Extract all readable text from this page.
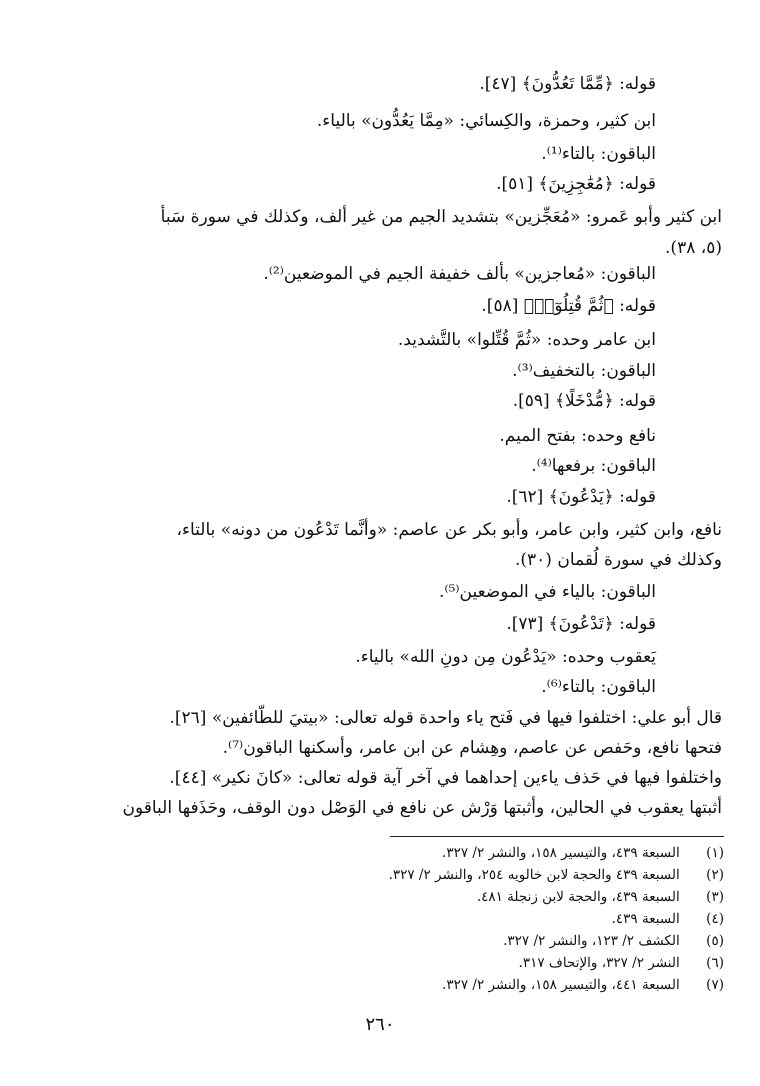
قوله: ﴿مِّمَّا تَعُدُّونَ﴾ [٤٧].
ابن كثير، وحمزة، والكِسائي: «مِمَّا يَعُدُّون» بالياء.
الباقون: بالتاء⁽¹⁾.
قوله: ﴿مُعَٰجِزِينَ﴾ [٥١].
ابن كثير وأبو عَمرو: «مُعَجِّزين» بتشديد الجيم من غير ألف، وكذلك في سورة سَبأ
(٥، ٣٨).
الباقون: «مُعاجزين» بألف خفيفة الجيم في الموضعين⁽²⁾.
قوله: ﴿ثُمَّ قُتِلُوٓا۟﴾ [٥٨].
ابن عامر وحده: «ثُمَّ قُتِّلوا» بالتَّشديد.
الباقون: بالتخفيف⁽³⁾.
قوله: ﴿مُّدْخَلًا﴾ [٥٩].
نافع وحده: بفتح الميم.
الباقون: برفعها⁽⁴⁾.
قوله: ﴿يَدْعُونَ﴾ [٦٢].
نافع، وابن كثير، وابن عامر، وأبو بكر عن عاصم: «وأنَّما تَدْعُون من دونه» بالتاء،
وكذلك في سورة لُقمان (٣٠).
الباقون: بالياء في الموضعين⁽⁵⁾.
قوله: ﴿تَدْعُونَ﴾ [٧٣].
يَعقوب وحده: «يَدْعُون مِن دونِ الله» بالياء.
الباقون: بالتاء⁽⁶⁾.
قال أبو علي: اختلفوا فيها في فَتح ياء واحدة قوله تعالى: «بيتيَ للطّائفين» [٢٦].
فتحها نافع، وحَفص عن عاصم، وهِشام عن ابن عامر، وأسكنها الباقون⁽⁷⁾.
واختلفوا فيها في حَذف ياءين إحداهما في آخر آية قوله تعالى: «كانَ نكير» [٤٤].
أثبتها يعقوب في الحالين، وأثبتها وَرْش عن نافع في الوَصْل دون الوقف، وحَذَفها الباقون
(١) السبعة ٤٣٩، والتيسير ١٥٨، والنشر ٢/ ٣٢٧.
(٢) السبعة ٤٣٩ والحجة لابن خالويه ٢٥٤، والنشر ٢/ ٣٢٧.
(٣) السبعة ٤٣٩، والحجة لابن زنجلة ٤٨١.
(٤) السبعة ٤٣٩.
(٥) الكشف ٢/ ١٢٣، والنشر ٢/ ٣٢٧.
(٦) النشر ٢/ ٣٢٧، والإتحاف ٣١٧.
(٧) السبعة ٤٤١، والتيسير ١٥٨، والنشر ٢/ ٣٢٧.
٢٦٠
